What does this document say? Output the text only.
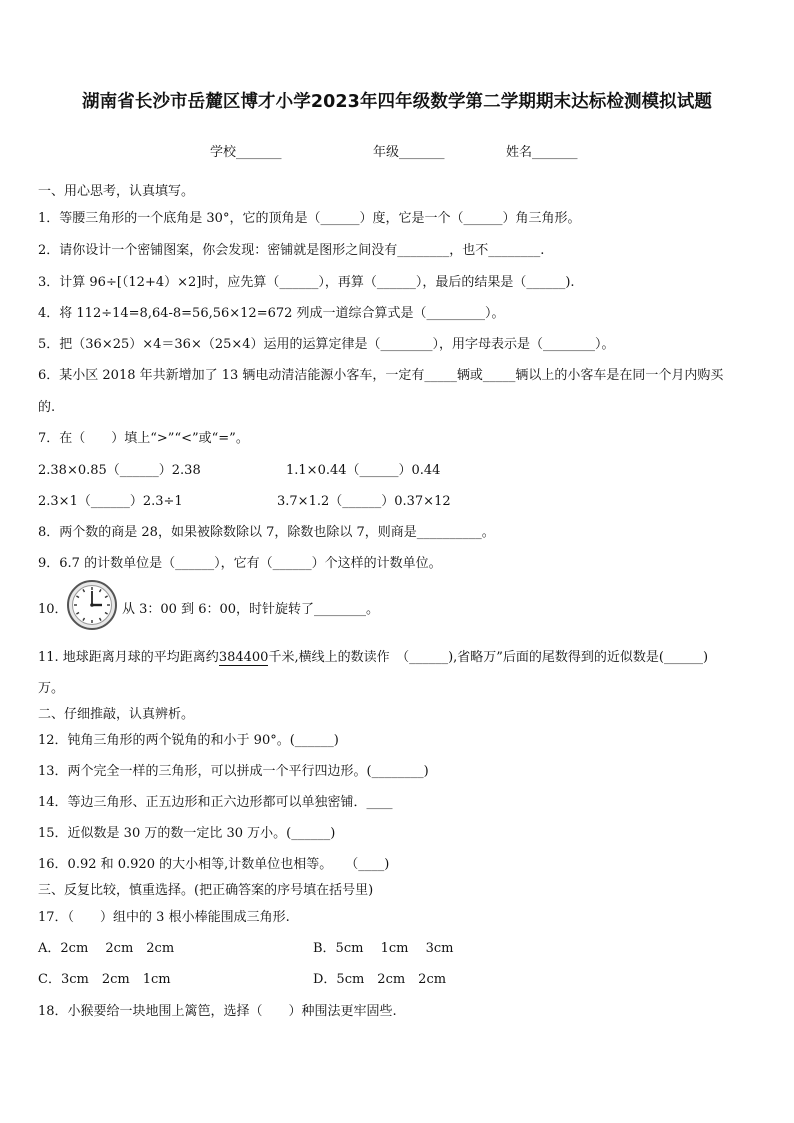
湖南省长沙市岳麓区博才小学2023年四年级数学第二学期期末达标检测模拟试题
学校_______	年级_______	姓名_______
一、用心思考，认真填写。
1．等腰三角形的一个底角是 30°，它的顶角是（______）度，它是一个（______）角三角形。
2．请你设计一个密铺图案，你会发现：密铺就是图形之间没有________，也不________.
3．计算 96÷[（12+4）×2]时，应先算（______），再算（______），最后的结果是（______).
4．将 112÷14=8,64-8=56,56×12=672 列成一道综合算式是（_________）。
5．把（36×25）×4＝36×（25×4）运用的运算定律是（________），用字母表示是（________）。
6．某小区 2018 年共新增加了 13 辆电动清洁能源小客车，一定有_____辆或_____辆以上的小客车是在同一个月内购买
的.
7．在（　　）填上“>”“<”或“=”。
2.38×0.85（______）2.38	1.1×0.44（______）0.44
2.3×1（______）2.3÷1	3.7×1.2（______）0.37×12
8．两个数的商是 28，如果被除数除以 7，除数也除以 7，则商是__________。
9．6.7 的计数单位是（______），它有（______）个这样的计数单位。
10．	从 3：00 到 6：00，时针旋转了________。
11. 地球距离月球的平均距离约384400千米,横线上的数读作　（______),省略万”后面的尾数得到的近似数是(______)
万。
二、仔细推敲，认真辨析。
12．钝角三角形的两个锐角的和小于 90°。(______)
13．两个完全一样的三角形，可以拼成一个平行四边形。(________)
14．等边三角形、正五边形和正六边形都可以单独密铺．____
15．近似数是 30 万的数一定比 30 万小。(______)
16．0.92 和 0.920 的大小相等,计数单位也相等。　　（____)
三、反复比较，慎重选择。(把正确答案的序号填在括号里)
17．（　　）组中的 3 根小棒能围成三角形.
A．2cm　 2cm　2cm	B．5cm　 1cm　 3cm
C．3cm　2cm　1cm	D．5cm　2cm　2cm
18．小猴要给一块地围上篱笆，选择（　　）种围法更牢固些.
